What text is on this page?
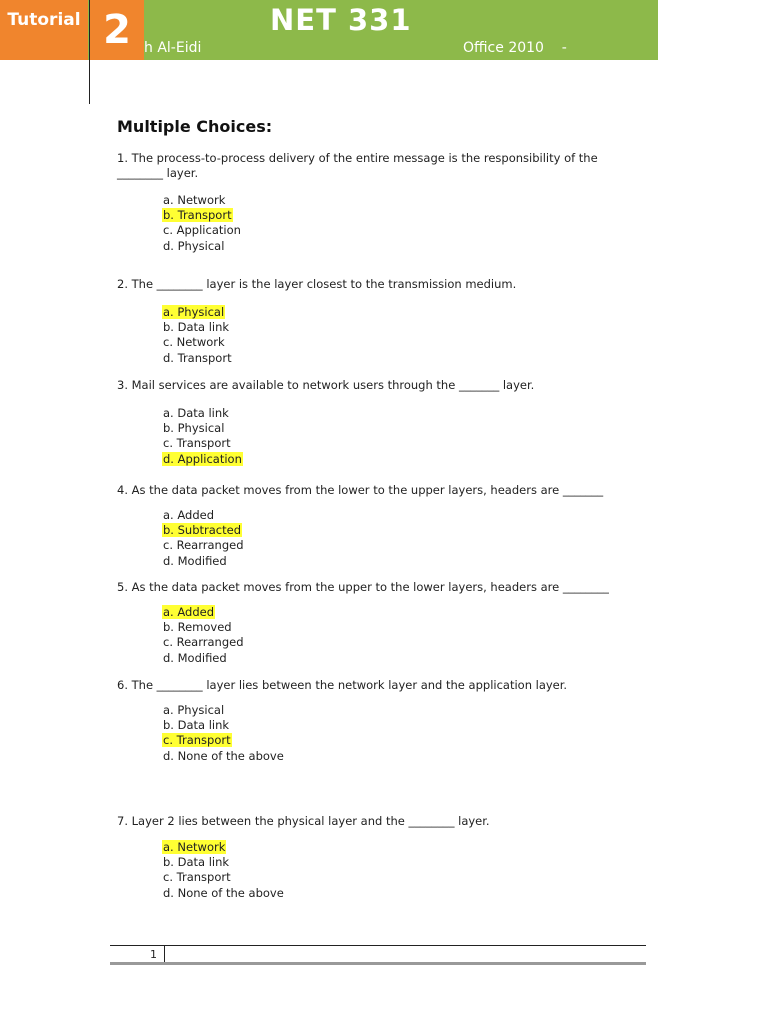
Tutorial 2	NET 331
h Al-Eidi	Office 2010    -
Multiple Choices:
1. The process-to-process delivery of the entire message is the responsibility of the ________ layer.
a. Network
b. Transport
c. Application
d. Physical
2. The ________ layer is the layer closest to the transmission medium.
a. Physical
b. Data link
c. Network
d. Transport
3. Mail services are available to network users through the _______ layer.
a. Data link
b. Physical
c. Transport
d. Application
4. As the data packet moves from the lower to the upper layers, headers are _______
a. Added
b. Subtracted
c. Rearranged
d. Modified
5. As the data packet moves from the upper to the lower layers, headers are ________
a. Added
b. Removed
c. Rearranged
d. Modified
6. The ________ layer lies between the network layer and the application layer.
a. Physical
b. Data link
c. Transport
d. None of the above
7. Layer 2 lies between the physical layer and the ________ layer.
a. Network
b. Data link
c. Transport
d. None of the above
1
